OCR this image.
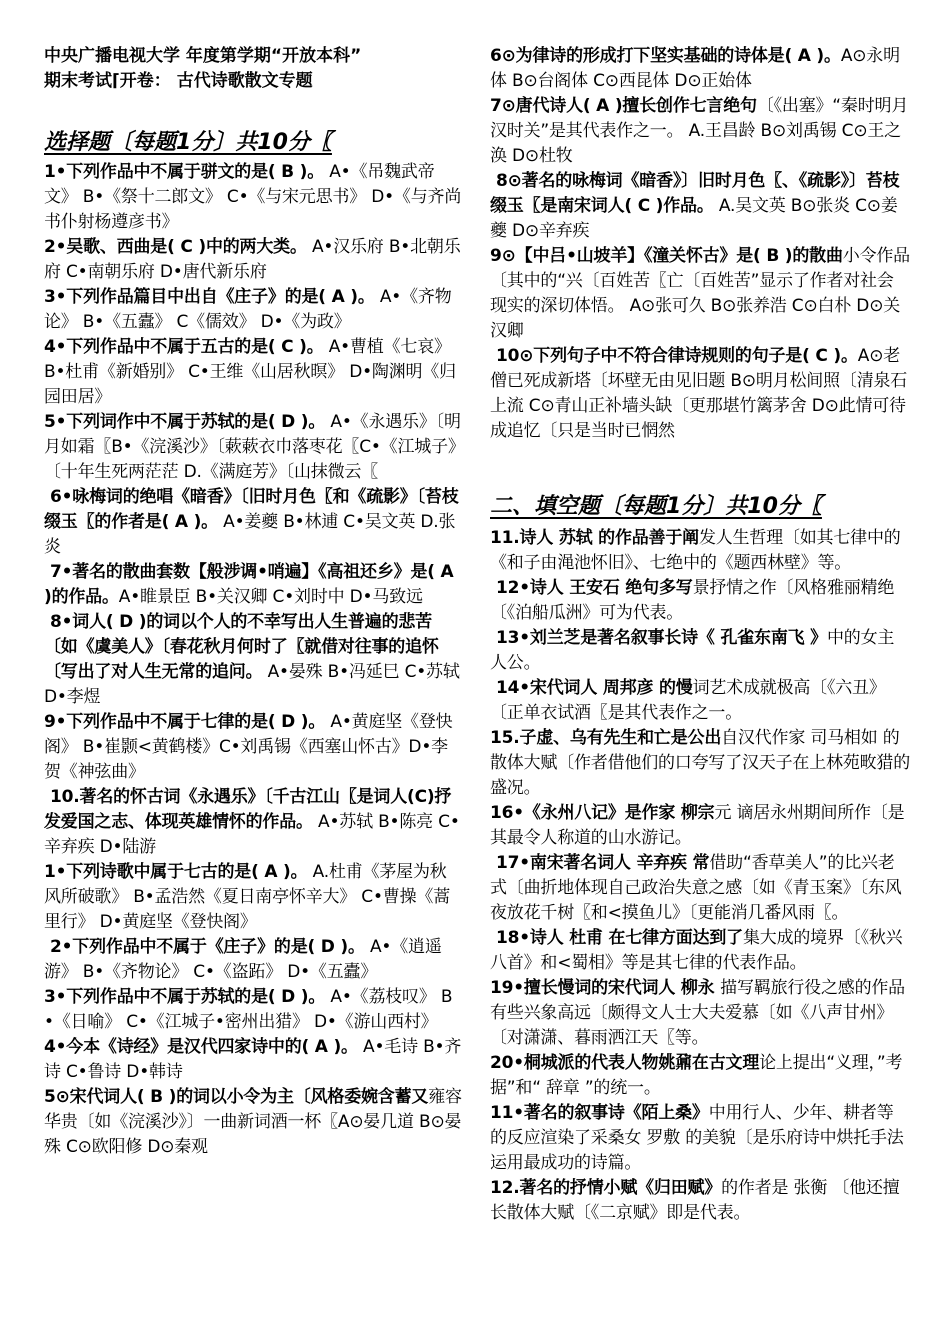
中央广播电视大学 年度第学期“开放本科”

期末考试⌈开卷： 古代诗歌散文专题

选择题〔每题1分〕共10分〖

1•下列作品中不属于骈文的是( B )。 A•《吊魏武帝文》 B•《祭十二郎文》 C•《与宋元思书》 D•《与齐尚书仆射杨遵彦书》

2•吴歌、西曲是( C )中的两大类。 A•汉乐府 B•北朝乐府 C•南朝乐府 D•唐代新乐府

3•下列作品篇目中出自《庄子》的是( A )。 A•《齐物论》 B•《五蠹》 C《儒效》 D•《为政》

4•下列作品中不属于五古的是( C )。 A•曹植《七哀》 B•杜甫《新婚别》 C•王维《山居秋暝》 D•陶渊明《归园田居》

5•下列词作中不属于苏轼的是( D )。 A•《永遇乐》〔明月如霜〖B•《浣溪沙》〔蔌蔌衣巾落枣花〖C•《江城子》〔十年生死两茫茫 D.《满庭芳》〔山抹微云〖

6•咏梅词的绝唱《暗香》〔旧时月色〖和《疏影》〔苔枝缀玉〖的作者是( A )。 A•姜夔 B•林逋 C•吴文英 D.张炎

7•著名的散曲套数【般涉调•哨遍】《高祖还乡》是( A )的作品。A•睢景臣 B•关汉卿 C•刘时中 D•马致远

8•词人( D )的词以个人的不幸写出人生普遍的悲苦〔如《虞美人》〔春花秋月何时了〖就借对往事的追怀〔写出了对人生无常的追问。 A•晏殊 B•冯延巳 C•苏轼 D•李煜

9•下列作品中不属于七律的是( D )。 A•黄庭坚《登快阁》 B•崔颢<黄鹤楼》C•刘禹锡《西塞山怀古》D•李贺《神弦曲》

10.著名的怀古词《永遇乐》〔千古江山〖是词人(C)抒发爱国之志、体现英雄情怀的作品。 A•苏轼 B•陈亮 C•辛弃疾 D•陆游

1•下列诗歌中属于七古的是( A )。 A.杜甫《茅屋为秋风所破歌》 B•孟浩然《夏日南亭怀辛大》 C•曹操《蒿里行》 D•黄庭坚《登快阁》

2•下列作品中不属于《庄子》的是( D )。 A•《逍遥游》 B•《齐物论》 C•《盗跖》 D•《五蠹》

3•下列作品中不属于苏轼的是( D )。 A•《荔枝叹》 B•《日喻》 C•《江城子•密州出猎》 D•《游山西村》

4•今本《诗经》是汉代四家诗中的( A )。 A•毛诗 B•齐诗 C•鲁诗 D•韩诗

5⊙宋代词人( B )的词以小令为主〔风格委婉含蓄又雍容华贵〔如《浣溪沙》〕一曲新词酒一杯〖A⊙晏几道 B⊙晏殊 C⊙欧阳修 D⊙秦观

6⊙为律诗的形成打下坚实基础的诗体是( A )。A⊙永明体 B⊙台阁体 C⊙西昆体 D⊙正始体

7⊙唐代诗人( A )擅长创作七言绝句〔《出塞》“秦时明月汉时关”是其代表作之一。 A.王昌龄 B⊙刘禹锡 C⊙王之涣 D⊙杜牧

8⊙著名的咏梅词《暗香》〕旧时月色〖、《疏影》〕苔枝缀玉〖是南宋词人( C )作品。 A.吴文英 B⊙张炎 C⊙姜夔 D⊙辛弃疾

9⊙【中吕•山坡羊】《潼关怀古》是( B )的散曲小令作品〔其中的“兴〔百姓苦〖亡〔百姓苦”显示了作者对社会现实的深切体悟。 A⊙张可久 B⊙张养浩 C⊙白朴 D⊙关汉卿

10⊙下列句子中不符合律诗规则的句子是( C )。A⊙老僧已死成新塔〔坏壁无由见旧题 B⊙明月松间照〔清泉石上流 C⊙青山正补墙头缺〔更那堪竹篱茅舍 D⊙此情可待成追忆〔只是当时已惘然

二、填空题〔每题1分〕共10分〖

11.诗人 苏轼 的作品善于阐发人生哲理〔如其七律中的《和子由渑池怀旧》、七绝中的《题西林壁》等。

12•诗人 王安石 绝句多写景抒情之作〔风格雅丽精绝〔《泊船瓜洲》可为代表。

13•刘兰芝是著名叙事长诗《 孔雀东南飞 》中的女主人公。

14•宋代词人 周邦彦 的慢词艺术成就极高〔《六丑》〔正单衣试酒〖是其代表作之一。

15.子虚、乌有先生和亡是公出自汉代作家 司马相如 的散体大赋〔作者借他们的口夸写了汉天子在上林苑畋猎的盛况。

16•《永州八记》是作家 柳宗元 谪居永州期间所作〔是其最令人称道的山水游记。

17•南宋著名词人 辛弃疾 常借助“香草美人”的比兴老式〔曲折地体现自己政治失意之感〔如《青玉案》〔东风夜放花千树〖和<摸鱼儿》〔更能消几番风雨〖。

18•诗人 杜甫 在七律方面达到了集大成的境界〔《秋兴八首》和<蜀相》等是其七律的代表作品。

19•擅长慢词的宋代词人 柳永 描写羁旅行役之感的作品有些兴象高远〔颇得文人士大夫爱慕〔如《八声甘州》〔对潇潇、暮雨洒江天〖等。

20•桐城派的代表人物姚鼐在古文理论上提出“义理，”考据”和“ 辞章 ”的统一。

11•著名的叙事诗《陌上桑》中用行人、少年、耕者等的反应渲染了采桑女 罗敷 的美貌〔是乐府诗中烘托手法运用最成功的诗篇。

12.著名的抒情小赋《归田赋》的作者是 张衡 〔他还擅长散体大赋〔《二京赋》即是代表。
